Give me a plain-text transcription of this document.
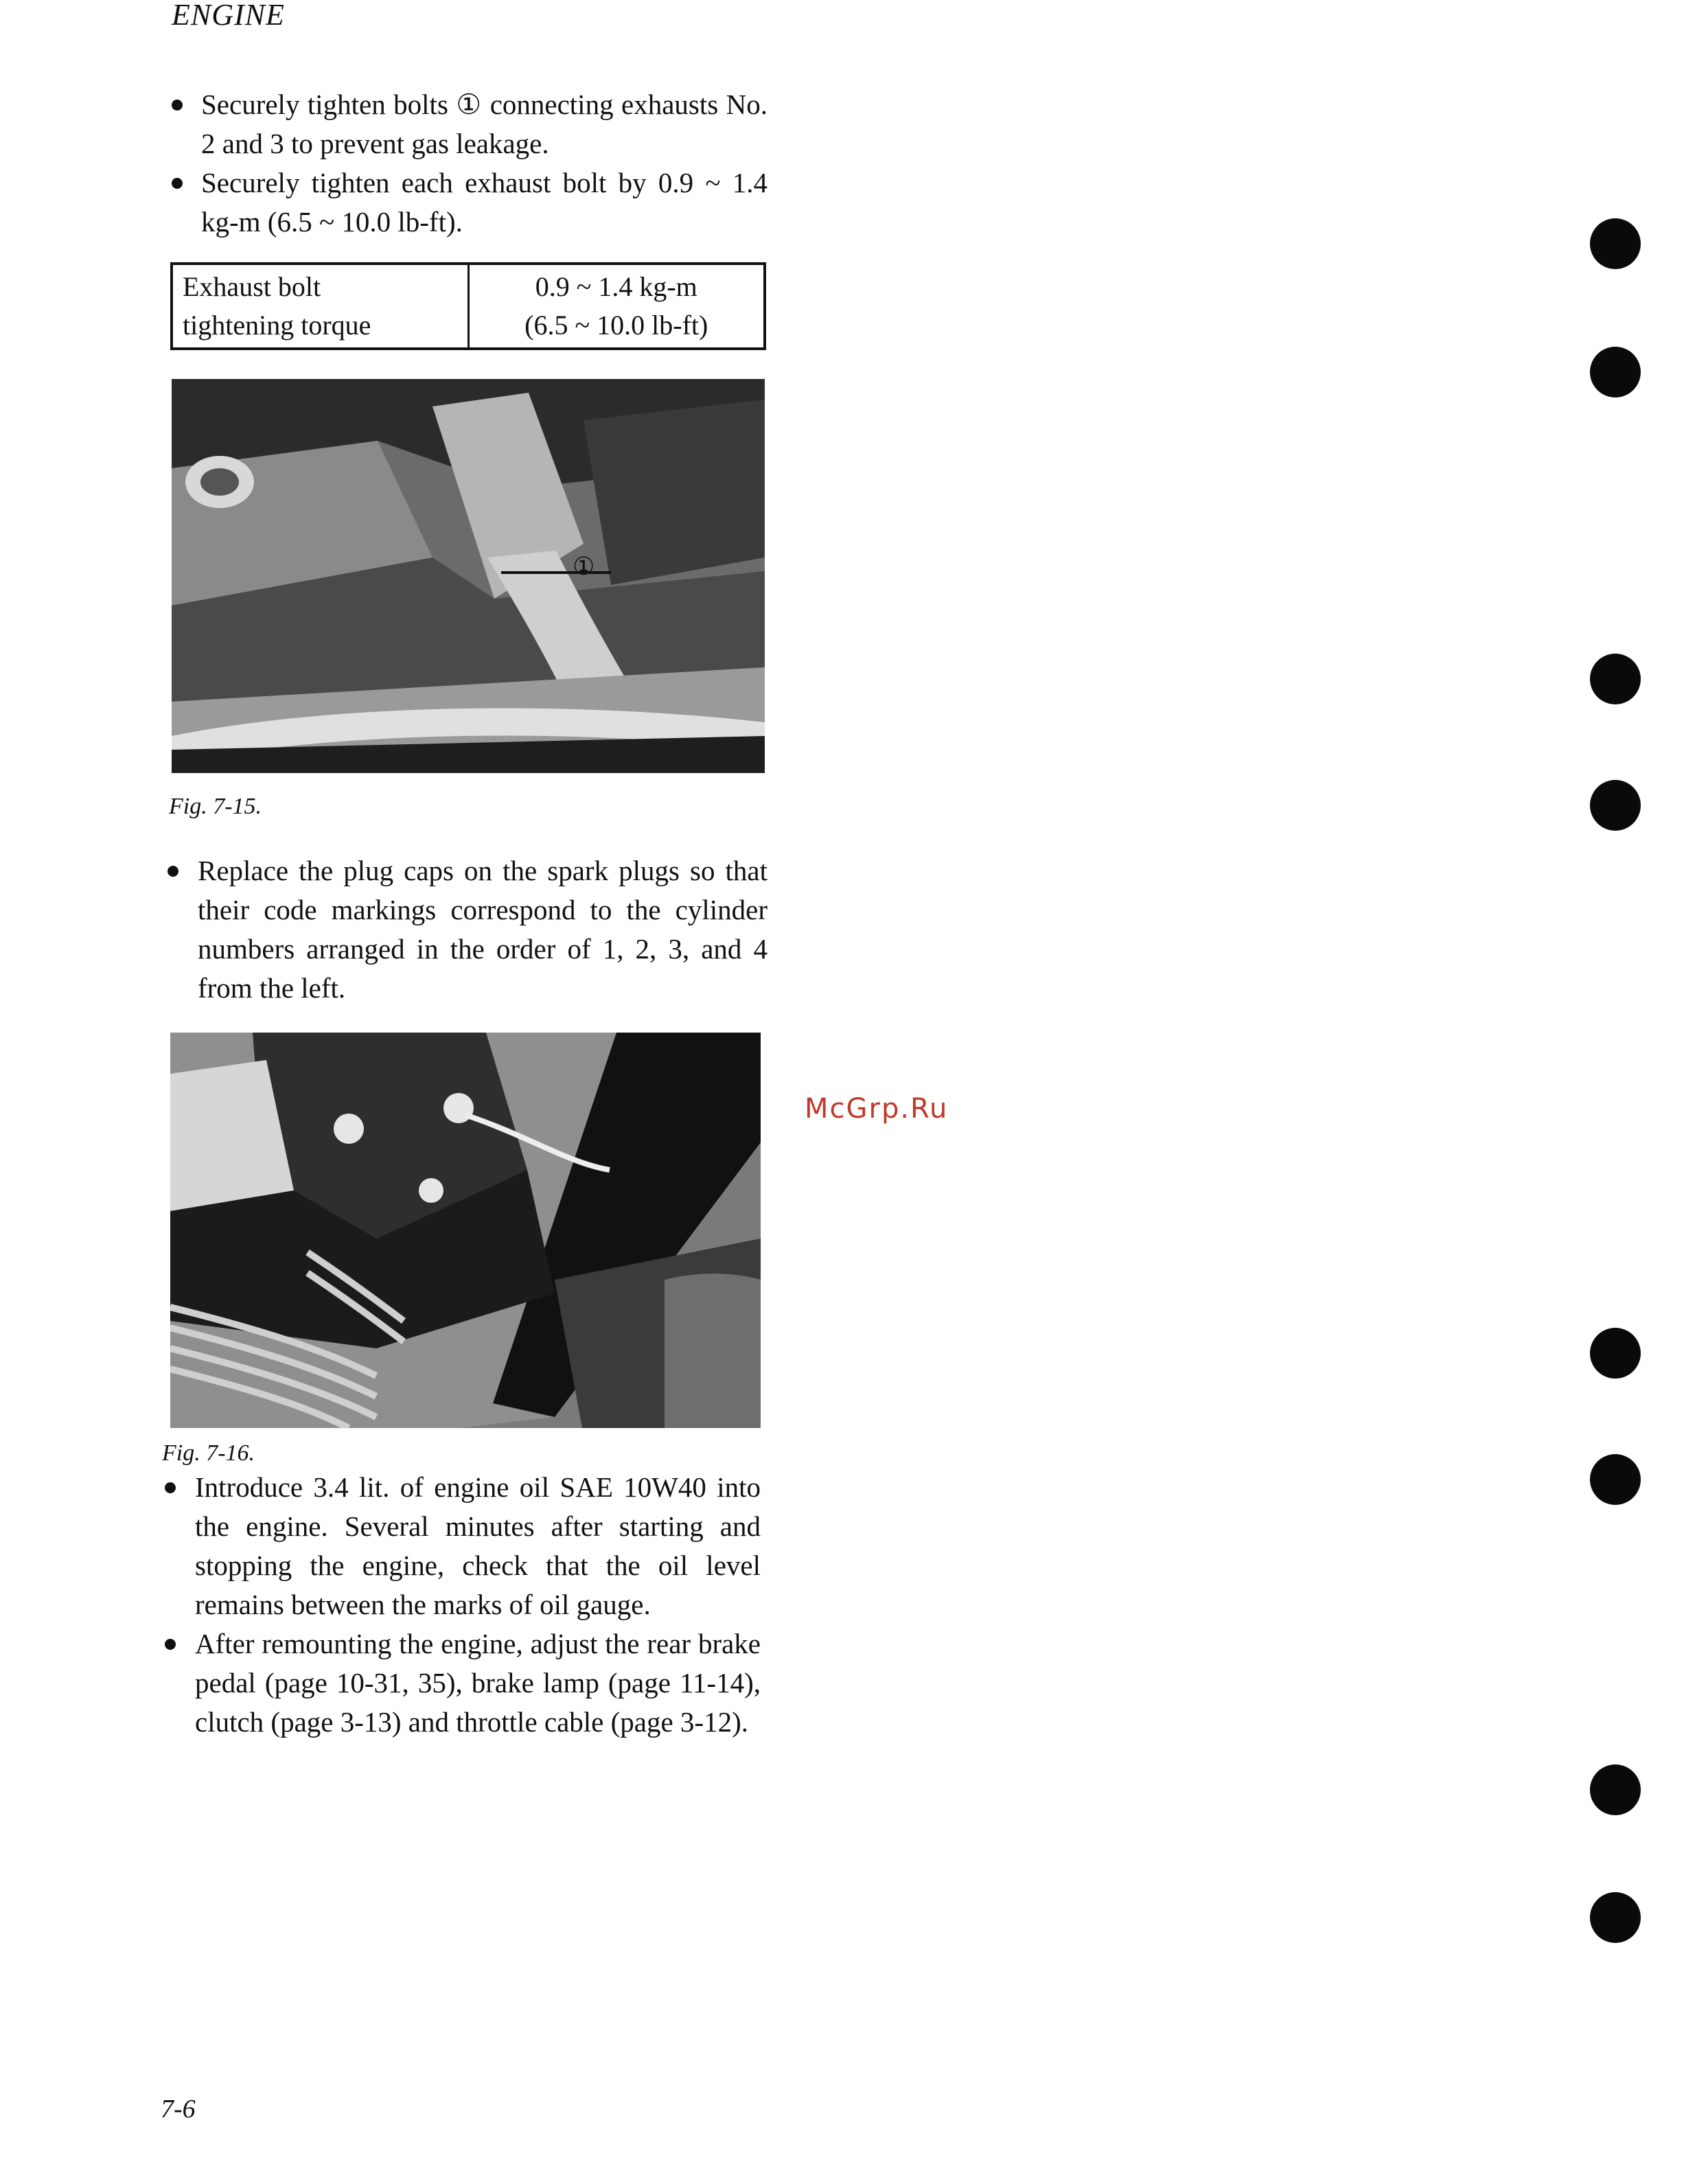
ENGINE
Securely tighten bolts ① connecting exhausts No. 2 and 3 to prevent gas leakage.
Securely tighten each exhaust bolt by 0.9 ~ 1.4 kg-m (6.5 ~ 10.0 lb-ft).
Exhaust bolt
tightening torque

0.9 ~ 1.4 kg-m
(6.5 ~ 10.0 lb-ft)
①
Fig. 7-15.
Replace the plug caps on the spark plugs so that their code markings correspond to the cylinder numbers arranged in the order of 1, 2, 3, and 4 from the left.
Fig. 7-16.
Introduce 3.4 lit. of engine oil SAE 10W40 into the engine. Several minutes after starting and stopping the engine, check that the oil level remains between the marks of oil gauge.
After remounting the engine, adjust the rear brake pedal (page 10-31, 35), brake lamp (page 11-14), clutch (page 3-13) and throttle cable (page 3-12).
McGrp.Ru
7-6
